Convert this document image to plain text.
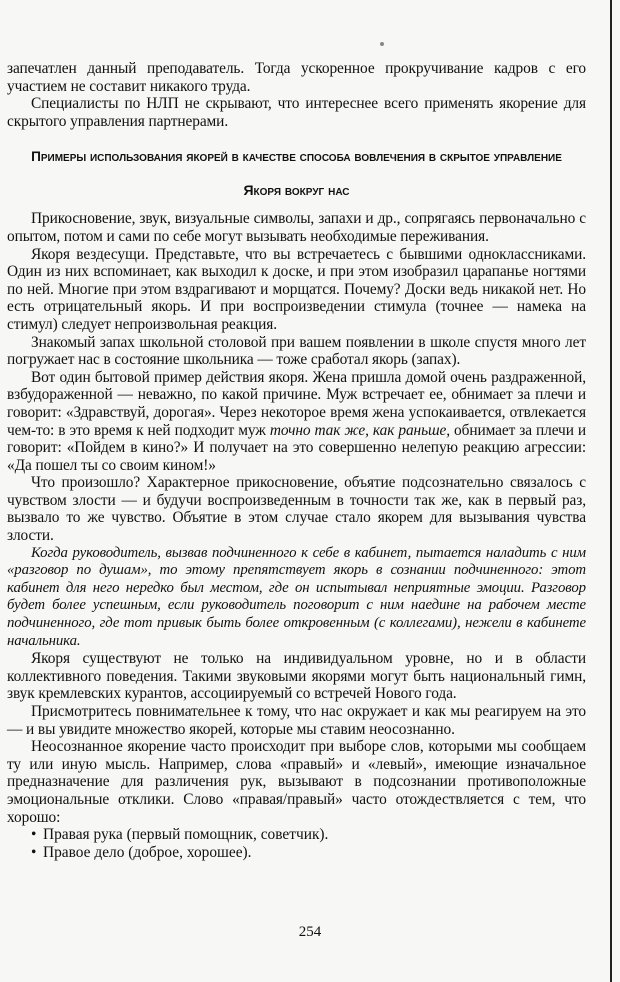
запечатлен данный преподаватель. Тогда ускоренное прокручивание кадров с его участием не составит никакого труда.

Специалисты по НЛП не скрывают, что интереснее всего применять якорение для скрытого управления партнерами.

Примеры использования якорей в качестве способа вовлечения в скрытое управление
Якоря вокруг нас

Прикосновение, звук, визуальные символы, запахи и др., сопрягаясь первоначально с опытом, потом и сами по себе могут вызывать необходимые переживания.

Якоря вездесущи. Представьте, что вы встречаетесь с бывшими одноклассниками. Один из них вспоминает, как выходил к доске, и при этом изобразил царапанье ногтями по ней. Многие при этом вздрагивают и морщатся. Почему? Доски ведь никакой нет. Но есть отрицательный якорь. И при воспроизведении стимула (точнее — намека на стимул) следует непроизвольная реакция.

Знакомый запах школьной столовой при вашем появлении в школе спустя много лет погружает нас в состояние школьника — тоже сработал якорь (запах).

Вот один бытовой пример действия якоря. Жена пришла домой очень раздраженной, взбудораженной — неважно, по какой причине. Муж встречает ее, обнимает за плечи и говорит: «Здравствуй, дорогая». Через некоторое время жена успокаивается, отвлекается чем-то: в это время к ней подходит муж точно так же, как раньше, обнимает за плечи и говорит: «Пойдем в кино?» И получает на это совершенно нелепую реакцию агрессии: «Да пошел ты со своим кином!»

Что произошло? Характерное прикосновение, объятие подсознательно связалось с чувством злости — и будучи воспроизведенным в точности так же, как в первый раз, вызвало то же чувство. Объятие в этом случае стало якорем для вызывания чувства злости.

Когда руководитель, вызвав подчиненного к себе в кабинет, пытается наладить с ним «разговор по душам», то этому препятствует якорь в сознании подчиненного: этот кабинет для него нередко был местом, где он испытывал неприятные эмоции. Разговор будет более успешным, если руководитель поговорит с ним наедине на рабочем месте подчиненного, где тот привык быть более откровенным (с коллегами), нежели в кабинете начальника.

Якоря существуют не только на индивидуальном уровне, но и в области коллективного поведения. Такими звуковыми якорями могут быть национальный гимн, звук кремлевских курантов, ассоциируемый со встречей Нового года.

Присмотритесь повнимательнее к тому, что нас окружает и как мы реагируем на это — и вы увидите множество якорей, которые мы ставим неосознанно.

Неосознанное якорение часто происходит при выборе слов, которыми мы сообщаем ту или иную мысль. Например, слова «правый» и «левый», имеющие изначальное предназначение для различения рук, вызывают в подсознании противоположные эмоциональные отклики. Слово «правая/правый» часто отождествляется с тем, что хорошо:

• Правая рука (первый помощник, советчик).
• Правое дело (доброе, хорошее).
254
